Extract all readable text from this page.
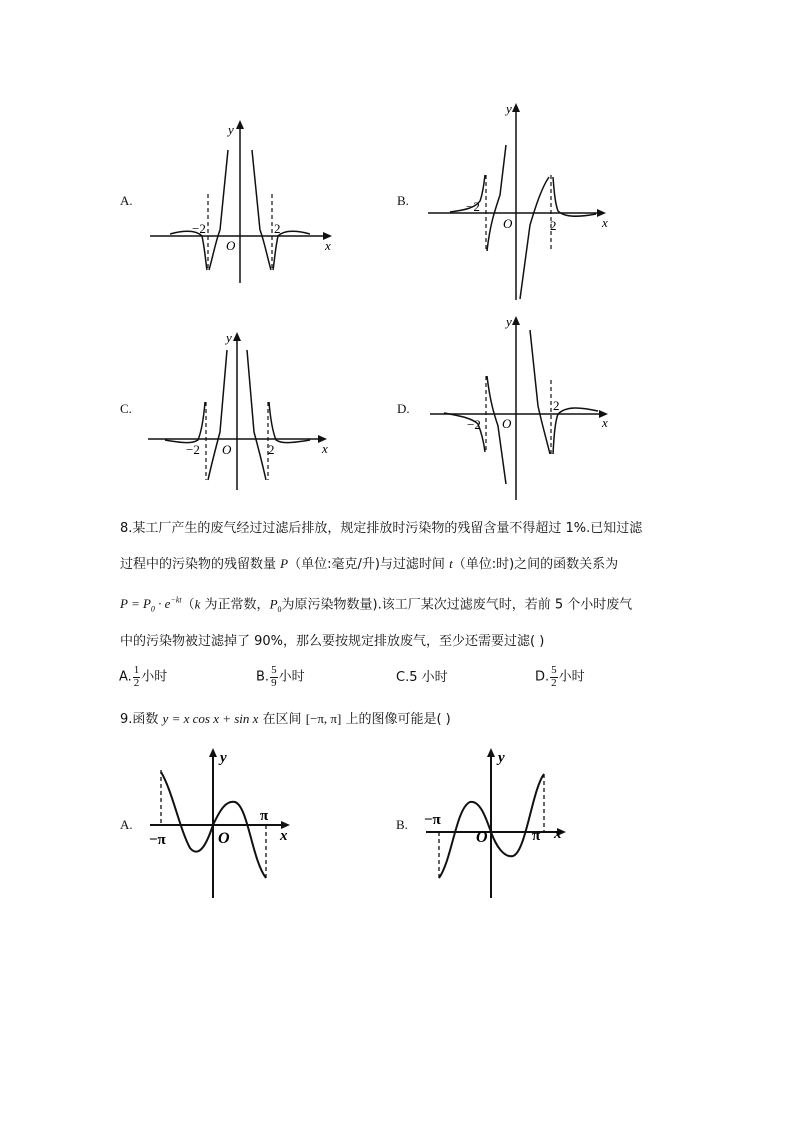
A.
−2	2
O	x
y
B.	−2
2
O	x
y
C.
−2	2
O	x
y
D.
−2
2
O	x
y
8.某工厂产生的废气经过过滤后排放，规定排放时污染物的残留含量不得超过 1%.已知过滤
过程中的污染物的残留数量 P（单位:毫克/升)与过滤时间 t（单位:时)之间的函数关系为
$P = P_0 \cdot e^{-kt}(k$ 为正常数，$P_0$为原污染物数量).该工厂某次过滤废气时，若前 5 个小时废气
中的污染物被过滤掉了 90%，那么要按规定排放废气，至少还需要过滤( )
A. $\frac{1}{2}$ 小时	B. $\frac{5}{9}$ 小时	C.5 小时	D. $\frac{5}{2}$ 小时
9.函数 y = x cos x + sin x 在区间 [−π, π] 上的图像可能是( )
A.
−π
π
O	x
y
B. −π
π
O	x
y
